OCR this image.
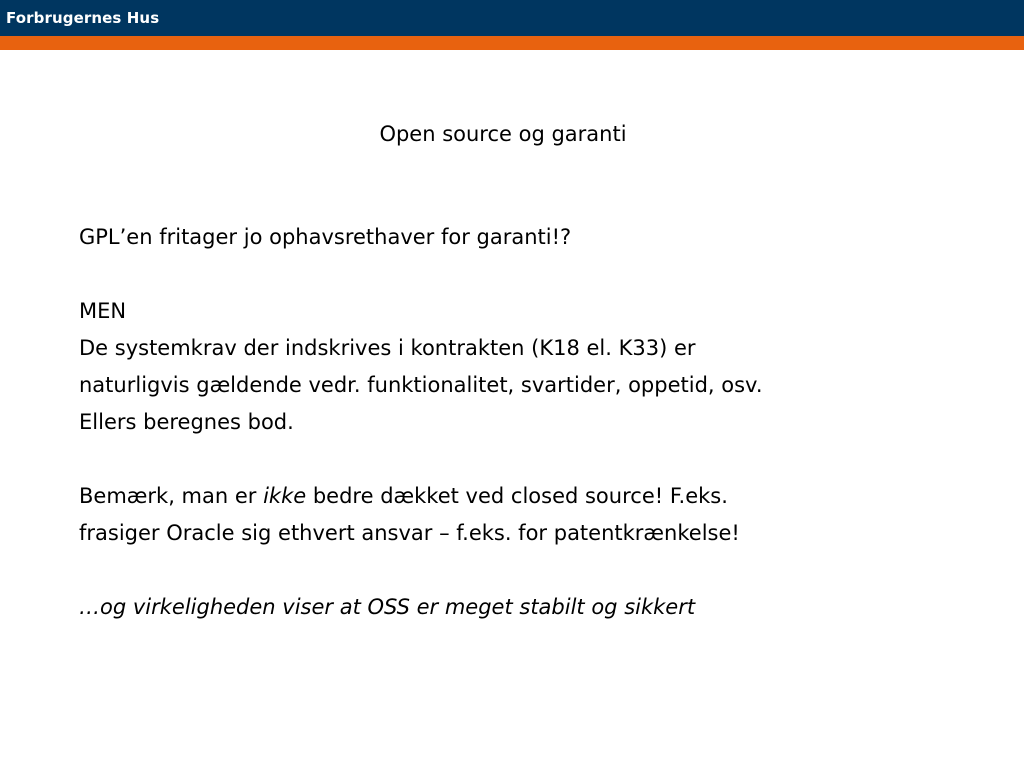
Forbrugernes Hus
Open source og garanti
GPL’en fritager jo ophavsrethaver for garanti!?
MEN
De systemkrav der indskrives i kontrakten (K18 el. K33) er
naturligvis gældende vedr. funktionalitet, svartider, oppetid, osv.
Ellers beregnes bod.
Bemærk, man er ikke bedre dækket ved closed source! F.eks.
frasiger Oracle sig ethvert ansvar – f.eks. for patentkrænkelse!
…og virkeligheden viser at OSS er meget stabilt og sikkert
